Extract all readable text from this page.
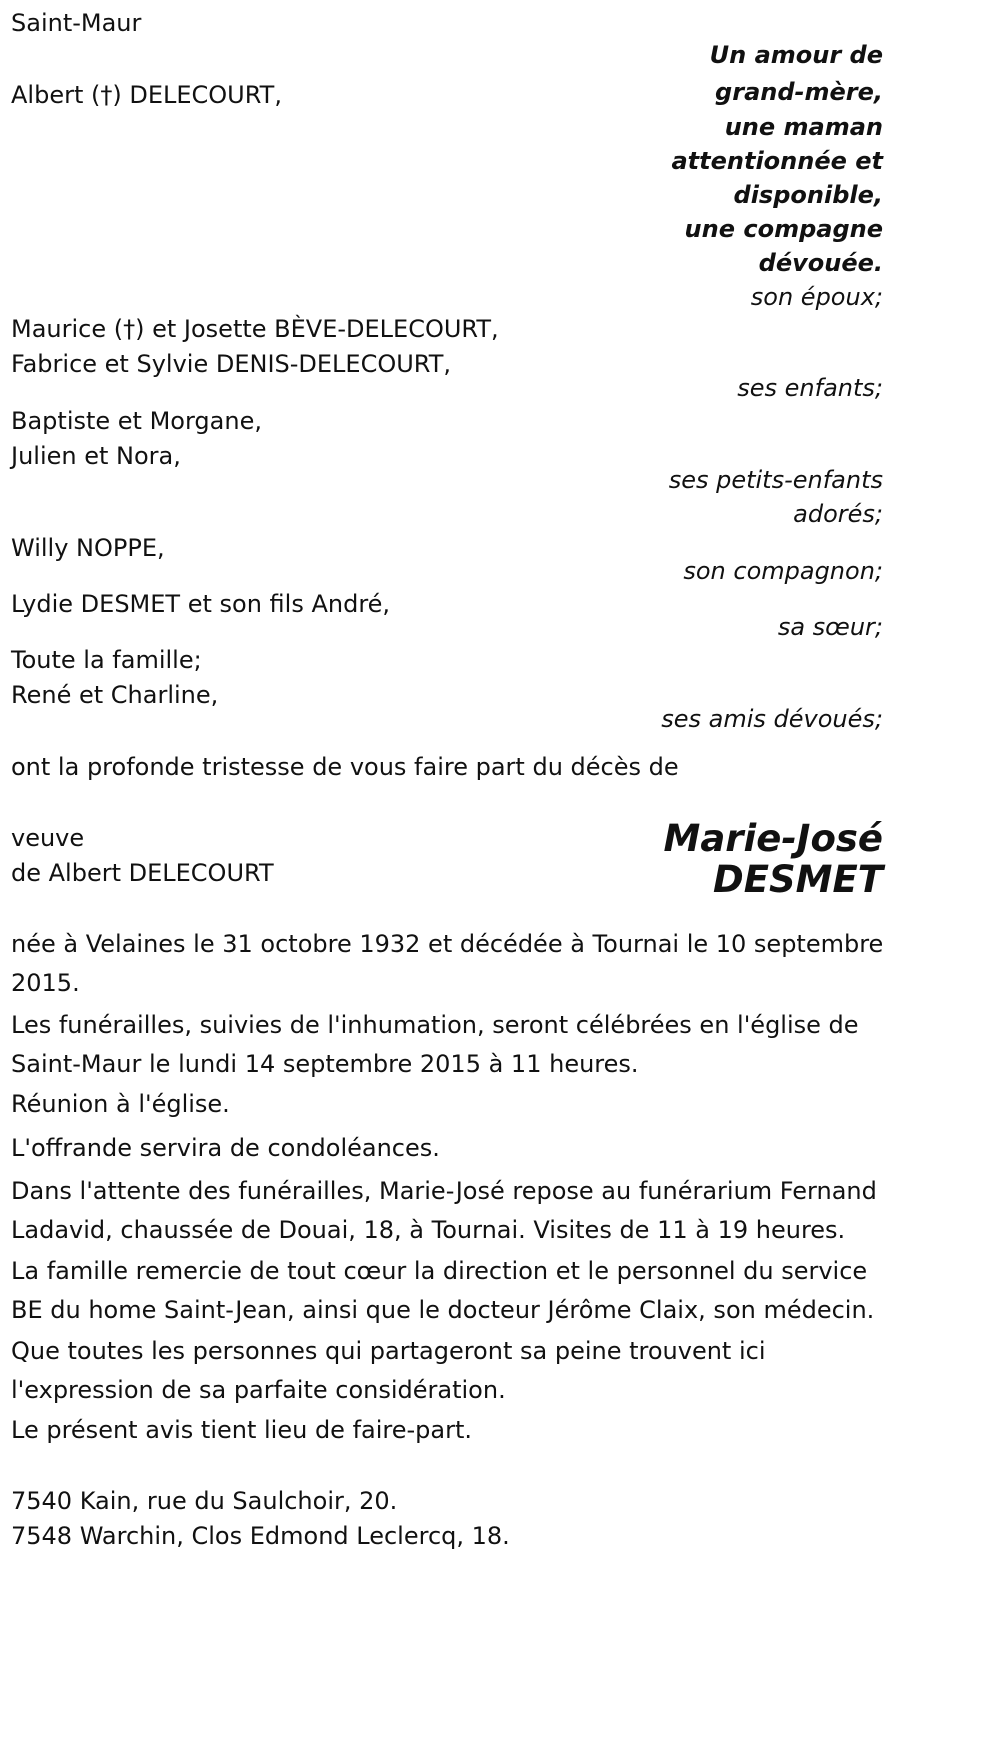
Saint-Maur
Albert (†) DELECOURT,
Un amour de
grand-mère,
une maman
attentionnée et
disponible,
une compagne
dévouée.
son époux;
Maurice (†) et Josette BÈVE-DELECOURT,
Fabrice et Sylvie DENIS-DELECOURT,
ses enfants;
Baptiste et Morgane,
Julien et Nora,
ses petits-enfants
adorés;
Willy NOPPE,
son compagnon;
Lydie DESMET et son fils André,
sa sœur;
Toute la famille;
René et Charline,
ses amis dévoués;
ont la profonde tristesse de vous faire part du décès de
veuve
de Albert DELECOURT
Marie-José
DESMET
née à Velaines le 31 octobre 1932 et décédée à Tournai le 10 septembre 2015.
Les funérailles, suivies de l'inhumation, seront célébrées en l'église de Saint-Maur le lundi 14 septembre 2015 à 11 heures.
Réunion à l'église.
L'offrande servira de condoléances.
Dans l'attente des funérailles, Marie-José repose au funérarium Fernand Ladavid, chaussée de Douai, 18, à Tournai. Visites de 11 à 19 heures.
La famille remercie de tout cœur la direction et le personnel du service BE du home Saint-Jean, ainsi que le docteur Jérôme Claix, son médecin.
Que toutes les personnes qui partageront sa peine trouvent ici l'expression de sa parfaite considération.
Le présent avis tient lieu de faire-part.
7540 Kain, rue du Saulchoir, 20.
7548 Warchin, Clos Edmond Leclercq, 18.
